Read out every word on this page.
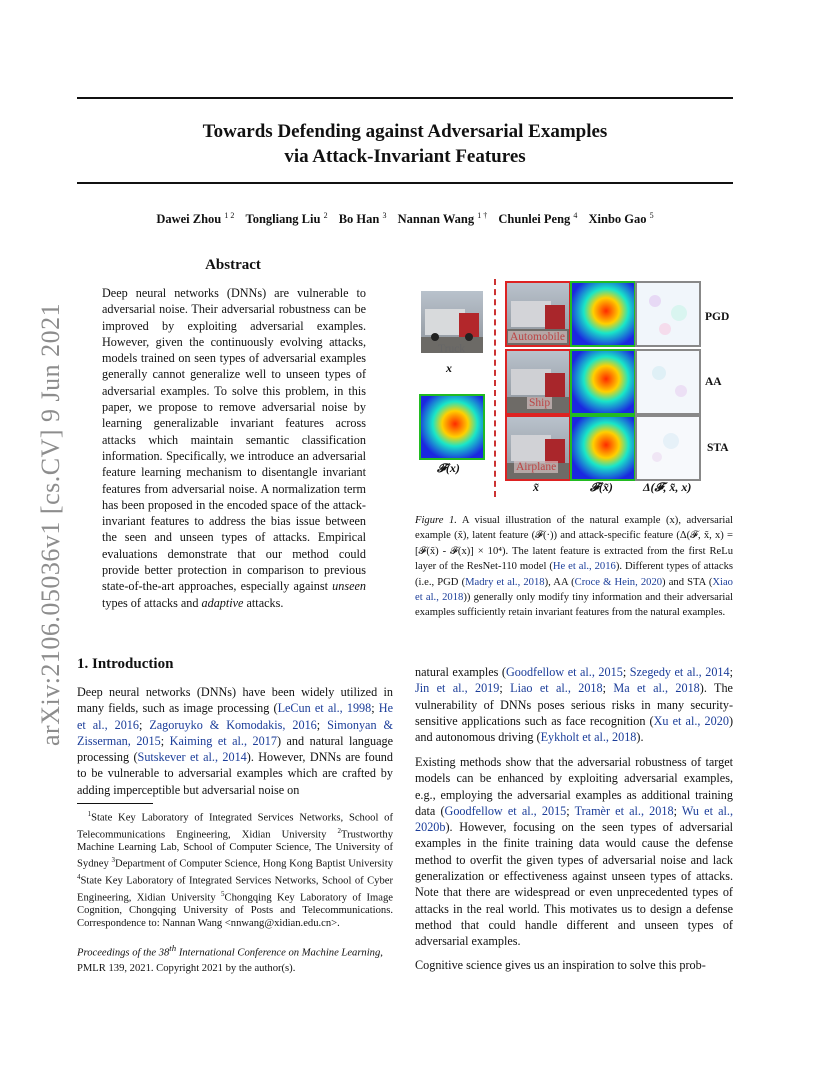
arXiv:2106.05036v1 [cs.CV] 9 Jun 2021
Towards Defending against Adversarial Examples
via Attack-Invariant Features
Dawei Zhou $^{1 2}$ Tongliang Liu $^2$ Bo Han $^3$ Nannan Wang $^{1 \dagger}$ Chunlei Peng $^4$ Xinbo Gao $^5$
Abstract
Deep neural networks (DNNs) are vulnerable to adversarial noise. Their adversarial robustness can be improved by exploiting adversarial examples. However, given the continuously evolving attacks, models trained on seen types of adversarial examples generally cannot generalize well to unseen types of adversarial examples. To solve this problem, in this paper, we propose to remove adversarial noise by learning generalizable invariant features across attacks which maintain semantic classification information. Specifically, we introduce an adversarial feature learning mechanism to disentangle invariant features from adversarial noise. A normalization term has been proposed in the encoded space of the attack-invariant features to address the bias issue between the seen and unseen types of attacks. Empirical evaluations demonstrate that our method could provide better protection in comparison to previous state-of-the-art approaches, especially against unseen types of attacks and adaptive attacks.
Truck
x
𝓕(x)
Automobile
Ship
Airplane
x̃	𝓕(x̃)	Δ(𝓕, x̃, x)
PGD
AA
STA
Figure 1. A visual illustration of the natural example (x), adversarial example (x̃), latent feature (𝓕(·)) and attack-specific feature (Δ(𝓕, x̃, x) = [𝓕(x̃) - 𝓕(x)] × 10⁴). The latent feature is extracted from the first ReLu layer of the ResNet-110 model (He et al., 2016). Different types of attacks (i.e., PGD (Madry et al., 2018), AA (Croce & Hein, 2020) and STA (Xiao et al., 2018)) generally only modify tiny information and their adversarial examples sufficiently retain invariant features from the natural examples.
1. Introduction
Deep neural networks (DNNs) have been widely utilized in many fields, such as image processing (LeCun et al., 1998; He et al., 2016; Zagoruyko & Komodakis, 2016; Simonyan & Zisserman, 2015; Kaiming et al., 2017) and natural language processing (Sutskever et al., 2014). However, DNNs are found to be vulnerable to adversarial examples which are crafted by adding imperceptible but adversarial noise on
 $^1$State Key Laboratory of Integrated Services Networks, School of Telecommunications Engineering, Xidian University $^2$Trustworthy Machine Learning Lab, School of Computer Science, The University of Sydney $^3$Department of Computer Science, Hong Kong Baptist University $^4$State Key Laboratory of Integrated Services Networks, School of Cyber Engineering, Xidian University $^5$Chongqing Key Laboratory of Image Cognition, Chongqing University of Posts and Telecommunications. Correspondence to: Nannan Wang <nnwang@xidian.edu.cn>.
Proceedings of the 38th International Conference on Machine Learning, PMLR 139, 2021. Copyright 2021 by the author(s).
natural examples (Goodfellow et al., 2015; Szegedy et al., 2014; Jin et al., 2019; Liao et al., 2018; Ma et al., 2018). The vulnerability of DNNs poses serious risks in many security-sensitive applications such as face recognition (Xu et al., 2020) and autonomous driving (Eykholt et al., 2018).
Existing methods show that the adversarial robustness of target models can be enhanced by exploiting adversarial examples, e.g., employing the adversarial examples as additional training data (Goodfellow et al., 2015; Tramèr et al., 2018; Wu et al., 2020b). However, focusing on the seen types of adversarial examples in the finite training data would cause the defense method to overfit the given types of adversarial noise and lack generalization or effectiveness against unseen types of attacks. Note that there are widespread or even unprecedented types of attacks in the real world. This motivates us to design a defense method that could handle different and unseen types of adversarial examples.
Cognitive science gives us an inspiration to solve this prob-
